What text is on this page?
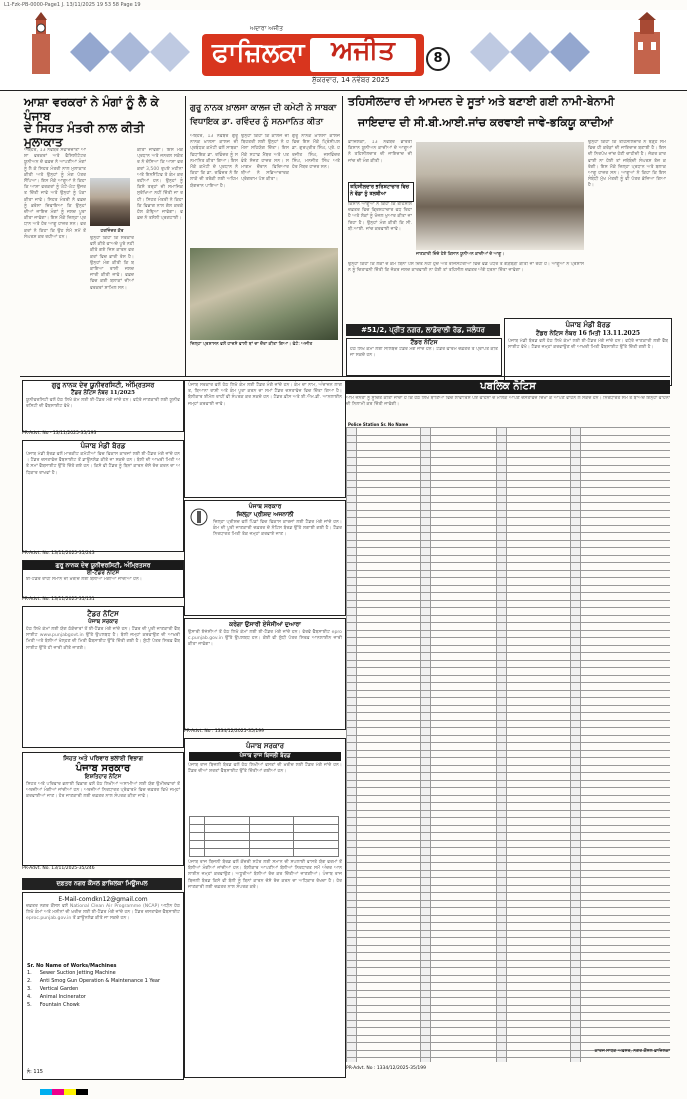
L1-Fzk-PB-0000-Page1 J. 13/11/2025 19 53 58 Page 19
ਅਦਾਰਾ ਅਜੀਤ
ਫਾਜ਼ਿਲਕਾ	ਅਜੀਤ
ਸ਼ੁੱਕਰਵਾਰ, 14 ਨਵੰਬਰ 2025
8
ਆਸ਼ਾ ਵਰਕਰਾਂ ਨੇ ਮੰਗਾਂ ਨੂੰ ਲੈ ਕੇ ਪੰਜਾਬ
ਦੇ ਸਿਹਤ ਮੰਤਰੀ ਨਾਲ ਕੀਤੀ ਮੁਲਾਕਾਤ
ਅਬੋਹਰ, 13 ਨਵੰਬਰ ਸੰਵਾਦਦਾਤਾ ਆਸ਼ਾ ਵਰਕਰਾਂ ਅਤੇ ਫੈਸਿਲੀਟੇਟਰ ਯੂਨੀਅਨ ਦੇ ਵਫ਼ਦ ਨੇ ਆਪਣੀਆਂ ਮੰਗਾਂ ਨੂੰ ਲੈ ਕੇ ਸਿਹਤ ਮੰਤਰੀ ਨਾਲ ਮੁਲਾਕਾਤ ਕੀਤੀ ਅਤੇ ਉਨ੍ਹਾਂ ਨੂੰ ਮੰਗ ਪੱਤਰ ਸੌਂਪਿਆ। ਇਸ ਮੌਕੇ ਆਗੂਆਂ ਨੇ ਕਿਹਾ ਕਿ ਆਸ਼ਾ ਵਰਕਰਾਂ ਨੂੰ ਘੱਟੋ-ਘੱਟ ਉਜਰਤ ਦਿੱਤੀ ਜਾਵੇ ਅਤੇ ਉਨ੍ਹਾਂ ਨੂੰ ਪੱਕਾ ਕੀਤਾ ਜਾਵੇ। ਸਿਹਤ ਮੰਤਰੀ ਨੇ ਵਫ਼ਦ ਨੂੰ ਭਰੋਸਾ ਦਿਵਾਇਆ ਕਿ ਉਨ੍ਹਾਂ ਦੀਆਂ ਜਾਇਜ਼ ਮੰਗਾਂ ਨੂੰ ਜਲਦ ਪੂਰਾ ਕੀਤਾ ਜਾਵੇਗਾ। ਇਸ ਮੌਕੇ ਜ਼ਿਲ੍ਹਾ ਪ੍ਰਧਾਨ ਅਤੇ ਹੋਰ ਆਗੂ ਹਾਜ਼ਰ ਸਨ। ਵਰਕਰਾਂ ਨੇ ਕਿਹਾ ਕਿ ਉਹ ਲੰਮੇ ਸਮੇਂ ਤੋਂ ਸੰਘਰਸ਼ ਕਰ ਰਹੀਆਂ ਹਨ।
ਹਰਜਿੰਦਰ ਕੌਰ
ਉਨ੍ਹਾਂ ਕਿਹਾ ਕਿ ਸਰਕਾਰ ਵਲੋਂ ਕੀਤੇ ਵਾਅਦੇ ਪੂਰੇ ਨਹੀਂ ਕੀਤੇ ਗਏ ਜਿਸ ਕਾਰਨ ਵਰਕਰਾਂ ਵਿਚ ਭਾਰੀ ਰੋਸ ਹੈ। ਉਨ੍ਹਾਂ ਮੰਗ ਕੀਤੀ ਕਿ ਬਕਾਇਆ ਰਾਸ਼ੀ ਜਲਦ ਜਾਰੀ ਕੀਤੀ ਜਾਵੇ। ਵਫ਼ਦ ਵਿਚ ਕਈ ਬਲਾਕਾਂ ਦੀਆਂ ਵਰਕਰਾਂ ਸ਼ਾਮਿਲ ਸਨ।
ਕੀਤਾ ਜਾਵੇਗਾ। ਇਸ ਮੌਕੇ ਪ੍ਰਧਾਨ ਅਤੇ ਜਨਰਲ ਸਕੱਤਰ ਨੇ ਦੱਸਿਆ ਕਿ ਆਸ਼ਾ ਵਰਕਰਾਂ 3,500 ਰੁਪਏ ਮਹੀਨਾ ਅਤੇ ਇਨਸੈਂਟਿਵ ਤੇ ਕੰਮ ਕਰ ਰਹੀਆਂ ਹਨ। ਉਨ੍ਹਾਂ ਨੂੰ ਕਿਸੇ ਤਰ੍ਹਾਂ ਦੀ ਸਮਾਜਿਕ ਸੁਰੱਖਿਆ ਨਹੀਂ ਦਿੱਤੀ ਜਾ ਰਹੀ। ਸਿਹਤ ਮੰਤਰੀ ਨੇ ਕਿਹਾ ਕਿ ਵਿਭਾਗ ਨਾਲ ਗੱਲ ਕਰਕੇ ਹੱਲ ਕੱਢਿਆ ਜਾਵੇਗਾ। ਵਫ਼ਦ ਨੇ ਤਸੱਲੀ ਪ੍ਰਗਟਾਈ।
ਗੁਰੂ ਨਾਨਕ ਖ਼ਾਲਸਾ ਕਾਲਜ ਦੀ ਕਮੇਟੀ ਨੇ ਸਾਬਕਾ
ਵਿਧਾਇਕ ਡਾ. ਰਵਿੰਦਰ ਨੂੰ ਸਨਮਾਨਿਤ ਕੀਤਾ
ਅਬੋਹਰ, 13 ਨਵੰਬਰ ਗੁਰੂ ਨਾਨਕ ਖ਼ਾਲਸਾ ਕਾਲਜ ਦੀ ਪ੍ਰਬੰਧਕ ਕਮੇਟੀ ਵਲੋਂ ਸਾਬਕਾ ਵਿਧਾਇਕ ਡਾ. ਰਵਿੰਦਰ ਨੂੰ ਸਨਮਾਨਿਤ ਕੀਤਾ ਗਿਆ। ਇਸ ਮੌਕੇ ਕਮੇਟੀ ਦੇ ਪ੍ਰਧਾਨ ਨੇ ਕਿਹਾ ਕਿ ਡਾ. ਰਵਿੰਦਰ ਨੇ ਇਲਾਕੇ ਦੀ ਤਰੱਕੀ ਲਈ ਅਹਿਮ ਯੋਗਦਾਨ ਪਾਇਆ ਹੈ।
ਉਨ੍ਹਾਂ ਕਿਹਾ ਕਿ ਕਾਲਜ ਦੀ ਬਿਹਤਰੀ ਲਈ ਉਨ੍ਹਾਂ ਨੇ ਹਮੇਸ਼ਾ ਸਹਿਯੋਗ ਦਿੱਤਾ। ਇਸ ਮੌਕੇ ਸਟਾਫ਼ ਮੈਂਬਰ ਅਤੇ ਪਤਵੰਤੇ ਸੱਜਣ ਹਾਜ਼ਰ ਸਨ। ਸਮਾਗਮ ਦੌਰਾਨ ਵਿਦਿਆਰਥੀਆਂ ਨੇ ਸਭਿਆਚਾਰਕ ਪ੍ਰੋਗਰਾਮ ਪੇਸ਼ ਕੀਤਾ।
ਗੁਰੂ ਨਾਨਕ ਖ਼ਾਲਸਾ ਕਾਲਜ ਵਿਚ ਇਸ ਮੌਕੇ ਪ੍ਰਿੰਸੀਪਲ ਡਾ. ਗੁਰਪ੍ਰੀਤ ਸਿੰਘ, ਪ੍ਰੋ. ਹਰਜੀਤ ਸਿੰਘ, ਜਸਵਿੰਦਰ ਸਿੰਘ, ਮਨਜੀਤ ਸਿੰਘ ਅਤੇ ਹੋਰ ਮੈਂਬਰ ਹਾਜ਼ਰ ਸਨ।
ਜ਼ਿਲ੍ਹਾ ਪ੍ਰਸ਼ਾਸਨ ਵਲੋਂ ਹਾਦਸੇ ਵਾਲੀ ਥਾਂ ਦਾ ਦੌਰਾ ਕੀਤਾ ਗਿਆ। ਫੋਟੋ: ਅਜੀਤ
ਤਹਿਸੀਲਦਾਰ ਦੀ ਆਮਦਨ ਦੇ ਸੂਤਾਂ ਅਤੇ ਬਣਾਈ ਗਈ ਨਾਮੀ-ਬੇਨਾਮੀ
ਜਾਇਦਾਦ ਦੀ ਸੀ.ਬੀ.ਆਈ.ਜਾਂਚ ਕਰਵਾਈ ਜਾਵੇ-ਭਕਿਯੂ ਕਾਦੀਆਂ
ਫ਼ਾਜ਼ਿਲਕਾ, 13 ਨਵੰਬਰ ਭਾਰਤੀ ਕਿਸਾਨ ਯੂਨੀਅਨ ਕਾਦੀਆਂ ਦੇ ਆਗੂਆਂ ਨੇ ਤਹਿਸੀਲਦਾਰ ਦੀ ਜਾਇਦਾਦ ਦੀ ਜਾਂਚ ਦੀ ਮੰਗ ਕੀਤੀ।
ਤਹਿਸੀਲਦਾਰ ਭਰਿਸ਼ਟਾਚਾਰ ਵਿਚ ਨੇ ਵੱਡਾ ਨੂੰ ਤਲਬੀਆ
ਕਿਸਾਨ ਆਗੂਆਂ ਨੇ ਕਿਹਾ ਕਿ ਤਹਿਸੀਲ ਦਫ਼ਤਰ ਵਿਚ ਭ੍ਰਿਸ਼ਟਾਚਾਰ ਵਧ ਰਿਹਾ ਹੈ ਅਤੇ ਲੋਕਾਂ ਨੂੰ ਖੱਜਲ ਖੁਆਰ ਕੀਤਾ ਜਾ ਰਿਹਾ ਹੈ। ਉਨ੍ਹਾਂ ਮੰਗ ਕੀਤੀ ਕਿ ਸੀ.ਬੀ.ਆਈ. ਜਾਂਚ ਕਰਵਾਈ ਜਾਵੇ।
ਜਾਣਕਾਰੀ ਦਿੰਦੇ ਹੋਏ ਕਿਸਾਨ ਯੂਨੀਅਨ ਕਾਦੀਆਂ ਦੇ ਆਗੂ।
ਉਨ੍ਹਾਂ ਕਿਹਾ ਕਿ ਤਹਿਸੀਲਦਾਰ ਨੇ ਥੋੜ੍ਹੇ ਸਮੇਂ ਵਿਚ ਹੀ ਕਰੋੜਾਂ ਦੀ ਜਾਇਦਾਦ ਬਣਾਈ ਹੈ। ਇਸ ਦੀ ਨਿਰਪੱਖ ਜਾਂਚ ਹੋਣੀ ਚਾਹੀਦੀ ਹੈ। ਜੇਕਰ ਕਾਰਵਾਈ ਨਾ ਹੋਈ ਤਾਂ ਜਥੇਬੰਦੀ ਸੰਘਰਸ਼ ਤੇਜ਼ ਕਰੇਗੀ। ਇਸ ਮੌਕੇ ਜ਼ਿਲ੍ਹਾ ਪ੍ਰਧਾਨ ਅਤੇ ਬਲਾਕ ਆਗੂ ਹਾਜ਼ਰ ਸਨ। ਆਗੂਆਂ ਨੇ ਕਿਹਾ ਕਿ ਇਸ ਸੰਬੰਧੀ ਮੁੱਖ ਮੰਤਰੀ ਨੂੰ ਵੀ ਪੱਤਰ ਭੇਜਿਆ ਗਿਆ ਹੈ।
ਉਨ੍ਹਾਂ ਕਿਹਾ ਕਿ ਲੋਕਾਂ ਦੇ ਕੰਮ ਬਿਨਾਂ ਪੈਸੇ ਦਿੱਤੇ ਨਹੀਂ ਹੁੰਦੇ ਅਤੇ ਰਜਿਸਟਰੀਆਂ ਵਿਚ ਵੱਡੇ ਪੱਧਰ ਤੇ ਗੜਬੜੀ ਕੀਤੀ ਜਾ ਰਹੀ ਹੈ। ਆਗੂਆਂ ਨੇ ਪ੍ਰਸ਼ਾਸਨ ਨੂੰ ਚਿਤਾਵਨੀ ਦਿੱਤੀ ਕਿ ਜੇਕਰ ਜਲਦ ਕਾਰਵਾਈ ਨਾ ਹੋਈ ਤਾਂ ਤਹਿਸੀਲ ਦਫ਼ਤਰ ਅੱਗੇ ਧਰਨਾ ਦਿੱਤਾ ਜਾਵੇਗਾ।
ਪੰਜਾਬ ਮੰਡੀ ਬੋਰਡ
ਟੈਂਡਰ ਨੋਟਿਸ ਨੰਬਰ 16 ਮਿਤੀ 13.11.2025
ਪੰਜਾਬ ਮੰਡੀ ਬੋਰਡ ਵਲੋਂ ਹੇਠ ਲਿਖੇ ਕੰਮਾਂ ਲਈ ਈ-ਟੈਂਡਰ ਮੰਗੇ ਜਾਂਦੇ ਹਨ। ਵਧੇਰੇ ਜਾਣਕਾਰੀ ਲਈ ਵੈੱਬਸਾਈਟ ਵੇਖੋ। ਟੈਂਡਰ ਜਮ੍ਹਾਂ ਕਰਵਾਉਣ ਦੀ ਆਖ਼ਰੀ ਮਿਤੀ ਵੈੱਬਸਾਈਟ ਉੱਤੇ ਦਿੱਤੀ ਗਈ ਹੈ।
#51/2, ਪ੍ਰੀਤ ਨਗਰ, ਲਾਡੋਵਾਲੀ ਰੋਡ, ਜਲੰਧਰ
ਟੈਂਡਰ ਨੋਟਿਸ
ਹੇਠ ਲਿਖੇ ਕੰਮਾਂ ਲਈ ਸੀਲਬੰਦ ਟੈਂਡਰ ਮੰਗੇ ਜਾਂਦੇ ਹਨ। ਟੈਂਡਰ ਫਾਰਮ ਦਫ਼ਤਰ ਤੋਂ ਪ੍ਰਾਪਤ ਕੀਤੇ ਜਾ ਸਕਦੇ ਹਨ।
ਗੁਰੂ ਨਾਨਕ ਦੇਵ ਯੂਨੀਵਰਸਿਟੀ, ਅੰਮ੍ਰਿਤਸਰ
ਟੈਂਡਰ ਨੋਟਿਸ ਨੰਬਰ 11/2025
ਯੂਨੀਵਰਸਿਟੀ ਵਲੋਂ ਹੇਠ ਲਿਖੇ ਕੰਮ ਲਈ ਈ-ਟੈਂਡਰ ਮੰਗੇ ਜਾਂਦੇ ਹਨ। ਵਧੇਰੇ ਜਾਣਕਾਰੀ ਲਈ ਯੂਨੀਵਰਸਿਟੀ ਦੀ ਵੈੱਬਸਾਈਟ ਵੇਖੋ।
PR-Advt. No - 13/11/2025-35/193
ਪੰਜਾਬ ਮੰਡੀ ਬੋਰਡ
ਪੰਜਾਬ ਮੰਡੀ ਬੋਰਡ ਵਲੋਂ ਮਾਰਕੀਟ ਕਮੇਟੀਆਂ ਵਿਚ ਵਿਕਾਸ ਕਾਰਜਾਂ ਲਈ ਈ-ਟੈਂਡਰ ਮੰਗੇ ਜਾਂਦੇ ਹਨ। ਟੈਂਡਰ ਦਸਤਾਵੇਜ਼ ਵੈੱਬਸਾਈਟ ਤੋਂ ਡਾਊਨਲੋਡ ਕੀਤੇ ਜਾ ਸਕਦੇ ਹਨ। ਬੋਲੀ ਦੀ ਆਖ਼ਰੀ ਮਿਤੀ ਅਤੇ ਸਮਾਂ ਵੈੱਬਸਾਈਟ ਉੱਤੇ ਦਿੱਤੇ ਗਏ ਹਨ। ਕਿਸੇ ਵੀ ਟੈਂਡਰ ਨੂੰ ਬਿਨਾਂ ਕਾਰਨ ਦੱਸੇ ਰੱਦ ਕਰਨ ਦਾ ਅਧਿਕਾਰ ਰਾਖਵਾਂ ਹੈ।
PR-Advt. No. 13/11/2025-35/243
ਗੁਰੂ ਨਾਨਕ ਦੇਵ ਯੂਨੀਵਰਸਿਟੀ, ਅੰਮ੍ਰਿਤਸਰ
ਈ-ਟੈਂਡਰ ਨੋਟਿਸ
ਈ-ਟੈਂਡਰ ਰਾਹੀਂ ਸਮਾਨ ਦੀ ਖ਼ਰੀਦ ਲਈ ਬੋਲੀਆਂ ਮੰਗੀਆਂ ਜਾਂਦੀਆਂ ਹਨ।
PR-Advt. No. 13/11/2025-35/131
ਟੈਂਡਰ ਨੋਟਿਸ
ਪੰਜਾਬ ਸਰਕਾਰ
ਹੇਠ ਲਿਖੇ ਕੰਮਾਂ ਲਈ ਯੋਗ ਠੇਕੇਦਾਰਾਂ ਤੋਂ ਈ-ਟੈਂਡਰ ਮੰਗੇ ਜਾਂਦੇ ਹਨ। ਟੈਂਡਰ ਦੀ ਪੂਰੀ ਜਾਣਕਾਰੀ ਵੈੱਬਸਾਈਟ www.punjabgovt.in ਉੱਤੇ ਉਪਲਬਧ ਹੈ। ਬੋਲੀ ਜਮ੍ਹਾਂ ਕਰਵਾਉਣ ਦੀ ਆਖ਼ਰੀ ਮਿਤੀ ਅਤੇ ਬੋਲੀਆਂ ਖੋਲ੍ਹਣ ਦੀ ਮਿਤੀ ਵੈੱਬਸਾਈਟ ਉੱਤੇ ਦਿੱਤੀ ਗਈ ਹੈ। ਸ਼ੁੱਧੀ ਪੱਤਰ ਸਿਰਫ਼ ਵੈੱਬਸਾਈਟ ਉੱਤੇ ਹੀ ਜਾਰੀ ਕੀਤੇ ਜਾਣਗੇ।
ਸਿਹਤ ਅਤੇ ਪਰਿਵਾਰ ਭਲਾਈ ਵਿਭਾਗ
ਪੰਜਾਬ ਸਰਕਾਰ
ਇਸ਼ਤਿਹਾਰ ਨੋਟਿਸ
ਸਿਹਤ ਅਤੇ ਪਰਿਵਾਰ ਭਲਾਈ ਵਿਭਾਗ ਵਲੋਂ ਹੇਠ ਲਿਖੀਆਂ ਅਸਾਮੀਆਂ ਲਈ ਯੋਗ ਉਮੀਦਵਾਰਾਂ ਤੋਂ ਅਰਜ਼ੀਆਂ ਮੰਗੀਆਂ ਜਾਂਦੀਆਂ ਹਨ। ਅਰਜ਼ੀਆਂ ਨਿਰਧਾਰਤ ਪ੍ਰੋਫਾਰਮੇ ਵਿਚ ਦਫ਼ਤਰ ਵਿਖੇ ਜਮ੍ਹਾਂ ਕਰਵਾਈਆਂ ਜਾਣ। ਹੋਰ ਜਾਣਕਾਰੀ ਲਈ ਦਫ਼ਤਰ ਨਾਲ ਸੰਪਰਕ ਕੀਤਾ ਜਾਵੇ।
PR-Advt. No. 13/11/2025-35/246
ਦਫ਼ਤਰ ਨਗਰ ਕੌਂਸਲ ਫ਼ਾਜ਼ਿਲਕਾ ਮਿਊਂਸਪਲ
E-Mail-comdkn12@gmail.com
ਦਫ਼ਤਰ ਨਗਰ ਕੌਂਸਲ ਵਲੋਂ National Clean Air Programme (NCAP) ਅਧੀਨ ਹੇਠ ਲਿਖੇ ਕੰਮਾਂ ਅਤੇ ਮਸ਼ੀਨਾਂ ਦੀ ਖ਼ਰੀਦ ਲਈ ਈ-ਟੈਂਡਰ ਮੰਗੇ ਜਾਂਦੇ ਹਨ। ਟੈਂਡਰ ਦਸਤਾਵੇਜ਼ ਵੈੱਬਸਾਈਟ eproc.punjab.gov.in ਤੋਂ ਡਾਊਨਲੋਡ ਕੀਤੇ ਜਾ ਸਕਦੇ ਹਨ।
Sr. No Name of Works/Machines
1.     Sewer Suction Jetting Machine
2.     Anti Smog Gun Operation & Maintenance 1 Year
3.     Vertical Garden
4.     Animal Incinerator
5.     Fountain Chowk
ਨੰ: 115
ਪੰਜਾਬ ਸਰਕਾਰ ਵਲੋਂ ਹੇਠ ਲਿਖੇ ਕੰਮ ਲਈ ਟੈਂਡਰ ਮੰਗੇ ਜਾਂਦੇ ਹਨ। ਕੰਮ ਦਾ ਨਾਮ, ਅੰਦਾਜ਼ਨ ਲਾਗਤ, ਬਿਆਨਾ ਰਾਸ਼ੀ ਅਤੇ ਕੰਮ ਪੂਰਾ ਕਰਨ ਦਾ ਸਮਾਂ ਟੈਂਡਰ ਦਸਤਾਵੇਜ਼ ਵਿਚ ਦਿੱਤਾ ਗਿਆ ਹੈ। ਬੋਲੀਕਾਰ ਈਮੇਲ ਰਾਹੀਂ ਵੀ ਸੰਪਰਕ ਕਰ ਸਕਦੇ ਹਨ। ਟੈਂਡਰ ਫ਼ੀਸ ਅਤੇ ਈ.ਐਮ.ਡੀ. ਆਨਲਾਈਨ ਜਮ੍ਹਾਂ ਕਰਵਾਈ ਜਾਵੇ।
ਪੰਜਾਬ ਸਰਕਾਰ
ਜ਼ਿਲ੍ਹਾ ਪ੍ਰੀਸ਼ਦ ਅਜਨਾਲੀ
ਜ਼ਿਲ੍ਹਾ ਪ੍ਰੀਸ਼ਦ ਵਲੋਂ ਪਿੰਡਾਂ ਵਿਚ ਵਿਕਾਸ ਕਾਰਜਾਂ ਲਈ ਟੈਂਡਰ ਮੰਗੇ ਜਾਂਦੇ ਹਨ। ਕੰਮ ਦੀ ਪੂਰੀ ਜਾਣਕਾਰੀ ਦਫ਼ਤਰ ਦੇ ਨੋਟਿਸ ਬੋਰਡ ਉੱਤੇ ਲਗਾਈ ਗਈ ਹੈ। ਟੈਂਡਰ ਨਿਰਧਾਰਤ ਮਿਤੀ ਤੱਕ ਜਮ੍ਹਾਂ ਕਰਵਾਏ ਜਾਣ।
ਕਰੇਗਾ ਉਸਾਰੀ ਏਜੰਸੀਆਂ ਦੁਆਰਾ
ਉਸਾਰੀ ਏਜੰਸੀਆਂ ਤੋਂ ਹੇਠ ਲਿਖੇ ਕੰਮਾਂ ਲਈ ਈ-ਟੈਂਡਰ ਮੰਗੇ ਜਾਂਦੇ ਹਨ। ਵੇਰਵੇ ਵੈੱਬਸਾਈਟ eproc.punjab.gov.in ਉੱਤੇ ਉਪਲਬਧ ਹਨ। ਕੋਈ ਵੀ ਸ਼ੁੱਧੀ ਪੱਤਰ ਸਿਰਫ਼ ਆਨਲਾਈਨ ਜਾਰੀ ਕੀਤਾ ਜਾਵੇਗਾ।
PR-Advt. No : 1334/12/2025-35/199
ਪੰਜਾਬ ਸਰਕਾਰ
ਪੰਜਾਬ ਰਾਜ ਬਿਜਲੀ ਬੋਰਡ
ਪੰਜਾਬ ਰਾਜ ਬਿਜਲੀ ਬੋਰਡ ਵਲੋਂ ਹੇਠ ਲਿਖੀਆਂ ਵਸਤਾਂ ਦੀ ਖ਼ਰੀਦ ਲਈ ਟੈਂਡਰ ਮੰਗੇ ਜਾਂਦੇ ਹਨ। ਟੈਂਡਰ ਦੀਆਂ ਸ਼ਰਤਾਂ ਵੈੱਬਸਾਈਟ ਉੱਤੇ ਦਿੱਤੀਆਂ ਗਈਆਂ ਹਨ।

ਪੰਜਾਬ ਰਾਜ ਬਿਜਲੀ ਬੋਰਡ ਵਲੋਂ ਕੇਂਦਰੀ ਸਟੋਰ ਲਈ ਸਮਾਨ ਦੀ ਸਪਲਾਈ ਵਾਸਤੇ ਯੋਗ ਫਰਮਾਂ ਤੋਂ ਬੋਲੀਆਂ ਮੰਗੀਆਂ ਜਾਂਦੀਆਂ ਹਨ। ਬੋਲੀਕਾਰ ਆਪਣੀਆਂ ਬੋਲੀਆਂ ਨਿਰਧਾਰਤ ਸਮੇਂ ਅੰਦਰ ਆਨਲਾਈਨ ਜਮ੍ਹਾਂ ਕਰਵਾਉਣ। ਅਧੂਰੀਆਂ ਬੋਲੀਆਂ ਰੱਦ ਕਰ ਦਿੱਤੀਆਂ ਜਾਣਗੀਆਂ। ਪੰਜਾਬ ਰਾਜ ਬਿਜਲੀ ਬੋਰਡ ਕਿਸੇ ਵੀ ਬੋਲੀ ਨੂੰ ਬਿਨਾਂ ਕਾਰਨ ਦੱਸੇ ਰੱਦ ਕਰਨ ਦਾ ਅਧਿਕਾਰ ਰੱਖਦਾ ਹੈ। ਹੋਰ ਜਾਣਕਾਰੀ ਲਈ ਦਫ਼ਤਰ ਨਾਲ ਸੰਪਰਕ ਕਰੋ।
ਪਬਲਿਕ ਨੋਟਿਸ
ਆਮ ਜਨਤਾ ਨੂੰ ਸੂਚਿਤ ਕੀਤਾ ਜਾਂਦਾ ਹੈ ਕਿ ਹੇਠ ਲਿਖੇ ਥਾਣਿਆਂ ਵਿਚ ਲਾਵਾਰਿਸ ਪਏ ਵਾਹਨਾਂ ਦੇ ਮਾਲਕ ਆਪਣੇ ਦਸਤਾਵੇਜ਼ ਦਿਖਾ ਕੇ ਆਪਣੇ ਵਾਹਨ ਲੈ ਸਕਦੇ ਹਨ। ਨਿਰਧਾਰਤ ਸਮੇਂ ਤੋਂ ਬਾਅਦ ਇਨ੍ਹਾਂ ਵਾਹਨਾਂ ਦੀ ਨਿਲਾਮੀ ਕਰ ਦਿੱਤੀ ਜਾਵੇਗੀ।
Police Station Sr. No Name

PR-Advt. No : 1334/12/2025-35/199
ਕਾਰਜ ਸਾਧਕ ਅਫ਼ਸਰ, ਨਗਰ ਕੌਂਸਲ ਫ਼ਾਜ਼ਿਲਕਾ
